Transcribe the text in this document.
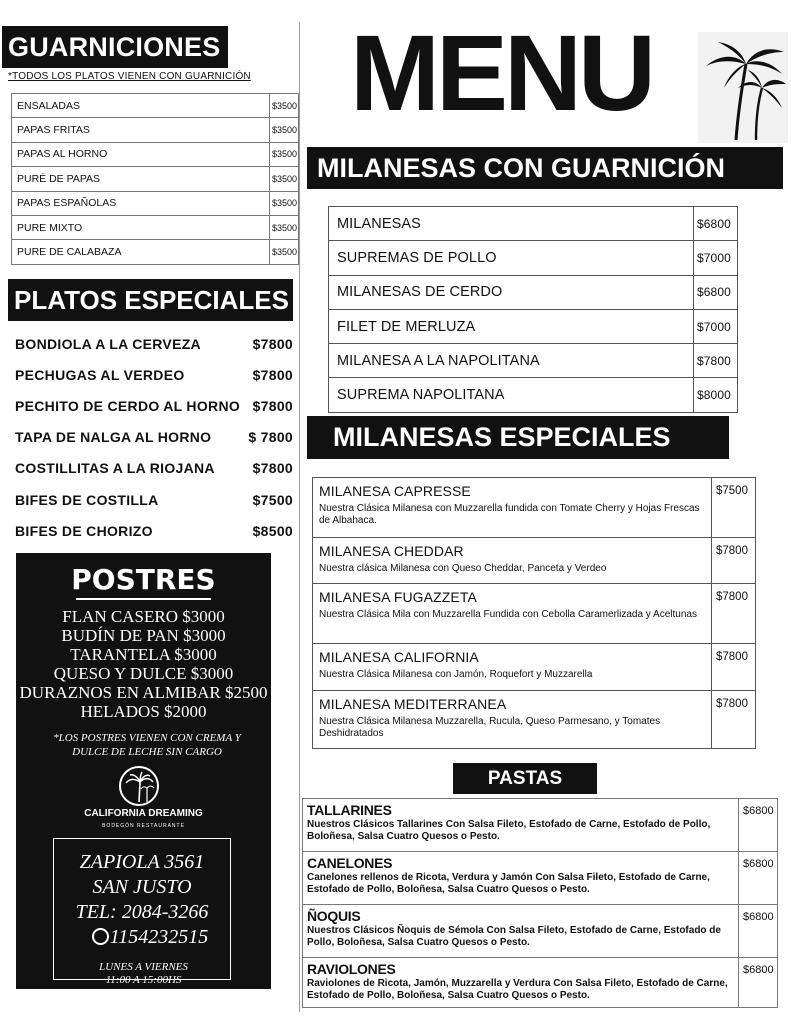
GUARNICIONES
*TODOS LOS PLATOS VIENEN CON GUARNICIÓN
ENSALADAS	$3500
PAPAS FRITAS	$3500
PAPAS AL HORNO	$3500
PURÉ DE PAPAS	$3500
PAPAS ESPAÑOLAS	$3500
PURE MIXTO	$3500
PURE DE CALABAZA	$3500
PLATOS ESPECIALES
BONDIOLA A LA CERVEZA	$7800
PECHUGAS AL VERDEO	$7800
PECHITO DE CERDO AL HORNO $7800
TAPA DE NALGA AL HORNO	$ 7800
COSTILLITAS A LA RIOJANA	$7800
BIFES DE COSTILLA	$7500
BIFES DE CHORIZO	$8500
POSTRES
FLAN CASERO $3000
BUDÍN DE PAN $3000
TARANTELA $3000
QUESO Y DULCE $3000
DURAZNOS EN ALMIBAR $2500
HELADOS $2000
*LOS POSTRES VIENEN CON CREMA Y DULCE DE LECHE SIN CARGO
CALIFORNIA DREAMING
BODEGÓN RESTAURANTE
ZAPIOLA 3561
SAN JUSTO
TEL: 2084-3266
1154232515
LUNES A VIERNES
11:00 A 15:00HS
MENU
MILANESAS CON GUARNICIÓN
MILANESAS	$6800
SUPREMAS DE POLLO	$7000
MILANESAS DE CERDO	$6800
FILET DE MERLUZA	$7000
MILANESA A LA NAPOLITANA	$7800
SUPREMA NAPOLITANA	$8000
MILANESAS ESPECIALES
MILANESA CAPRESSE
Nuestra Clásica Milanesa con Muzzarella fundida con Tomate Cherry y Hojas Frescas de Albahaca.	$7500

MILANESA CHEDDAR
Nuestra clásica Milanesa con Queso Cheddar, Panceta y Verdeo	$7800

MILANESA FUGAZZETA
Nuestra Clásica Mila con Muzzarella Fundida con Cebolla Caramerlizada y Aceltunas	$7800

MILANESA CALIFORNIA
Nuestra Clásica Milanesa con Jamón, Roquefort y Muzzarella	$7800

MILANESA MEDITERRANEA
Nuestra Clásica Milanesa Muzzarella, Rucula, Queso Parmesano, y Tomates Deshidratados	$7800
PASTAS
TALLARINES
Nuestros Clásicos Tallarines Con Salsa Fileto, Estofado de Carne, Estofado de Pollo, Boloñesa, Salsa Cuatro Quesos o Pesto.	$6800

CANELONES
Canelones rellenos de Ricota, Verdura y Jamón Con Salsa Fileto, Estofado de Carne, Estofado de Pollo, Boloñesa, Salsa Cuatro Quesos o Pesto.	$6800

ÑOQUIS
Nuestros Clásicos Ñoquis de Sémola Con Salsa Fileto, Estofado de Carne, Estofado de Pollo, Boloñesa, Salsa Cuatro Quesos o Pesto.	$6800

RAVIOLONES
Raviolones de Ricota, Jamón, Muzzarella y Verdura Con Salsa Fileto, Estofado de Carne, Estofado de Pollo, Boloñesa, Salsa Cuatro Quesos o Pesto.	$6800
